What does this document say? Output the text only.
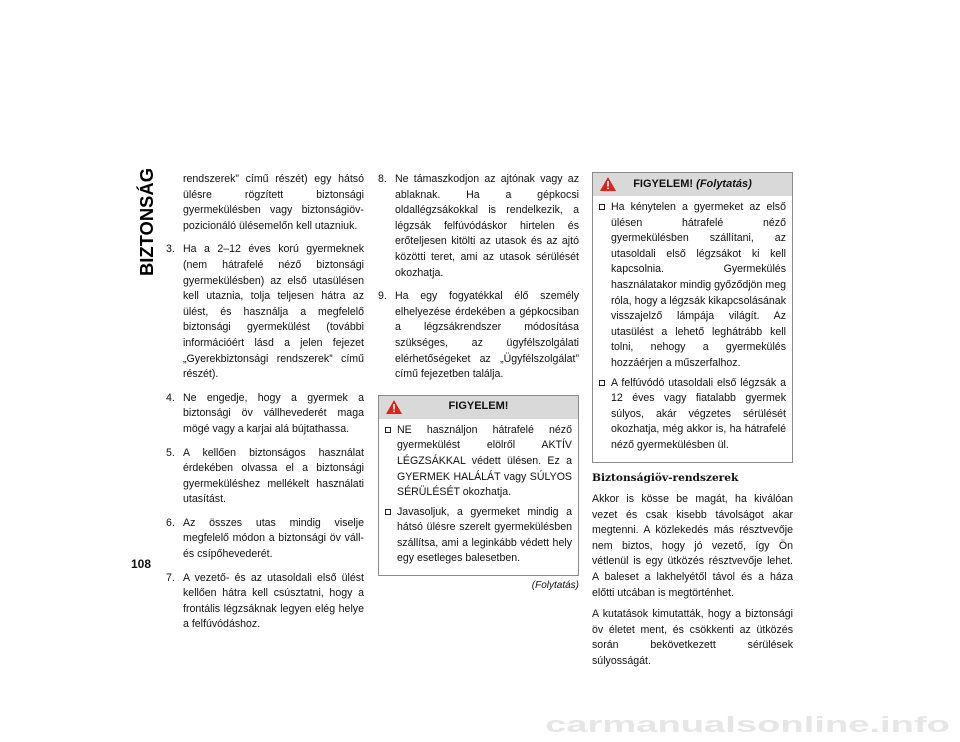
BIZTONSÁG
108

rendszerek” című részét) egy hátsó ülésre rögzített biztonsági gyermekülésben vagy biztonságiöv-pozicionáló ülésemelőn kell utazniuk.

3. Ha a 2–12 éves korú gyermeknek (nem hátrafelé néző biztonsági gyermekülésben) az első utasülésen kell utaznia, tolja teljesen hátra az ülést, és használja a megfelelő biztonsági gyermekülést (további információért lásd a jelen fejezet „Gyerekbiztonsági rendszerek” című részét).
4. Ne engedje, hogy a gyermek a biztonsági öv vállhevederét maga mögé vagy a karjai alá bújtathassa.
5. A kellően biztonságos használat érdekében olvassa el a biztonsági gyermeküléshez mellékelt használati utasítást.
6. Az összes utas mindig viselje megfelelő módon a biztonsági öv váll- és csípőhevederét.
7. A vezető- és az utasoldali első ülést kellően hátra kell csúsztatni, hogy a frontális légzsáknak legyen elég helye a felfúvódáshoz.
8. Ne támaszkodjon az ajtónak vagy az ablaknak. Ha a gépkocsi oldallégzsákokkal is rendelkezik, a légzsák felfúvódáskor hirtelen és erőteljesen kitölti az utasok és az ajtó közötti teret, ami az utasok sérülését okozhatja.
9. Ha egy fogyatékkal élő személy elhelyezése érdekében a gépkocsiban a légzsákrendszer módosítása szükséges, az ügyfélszolgálati elérhetőségeket az „Ügyfélszolgálat” című fejezetben találja.
FIGYELEM!
NE használjon hátrafelé néző gyermekülést elölről AKTÍV LÉGZSÁKKAL védett ülésen. Ez a GYERMEK HALÁLÁT vagy SÚLYOS SÉRÜLÉSÉT okozhatja.
Javasoljuk, a gyermeket mindig a hátsó ülésre szerelt gyermekülésben szállítsa, ami a leginkább védett hely egy esetleges balesetben.
(Folytatás)
FIGYELEM!
(Folytatás)
Ha kénytelen a gyermeket az első ülésen hátrafelé néző gyermekülésben szállítani, az utasoldali első légzsákot ki kell kapcsolnia. Gyermekülés használatakor mindig győződjön meg róla, hogy a légzsák kikapcsolásának visszajelző lámpája világít. Az utasülést a lehető leghátrább kell tolni, nehogy a gyermekülés hozzáérjen a műszerfalhoz.
A felfúvódó utasoldali első légzsák a 12 éves vagy fiatalabb gyermek súlyos, akár végzetes sérülését okozhatja, még akkor is, ha hátrafelé néző gyermekülésben ül.
Biztonságiöv-rendszerek

Akkor is kösse be magát, ha kiválóan vezet és csak kisebb távolságot akar megtenni. A közlekedés más résztvevője nem biztos, hogy jó vezető, így Ön vétlenül is egy ütközés résztvevője lehet. A baleset a lakhelyétől távol és a háza előtti utcában is megtörténhet.

A kutatások kimutatták, hogy a biztonsági öv életet ment, és csökkenti az ütközés során bekövetkezett sérülések súlyosságát.

carmanualsonline.info
